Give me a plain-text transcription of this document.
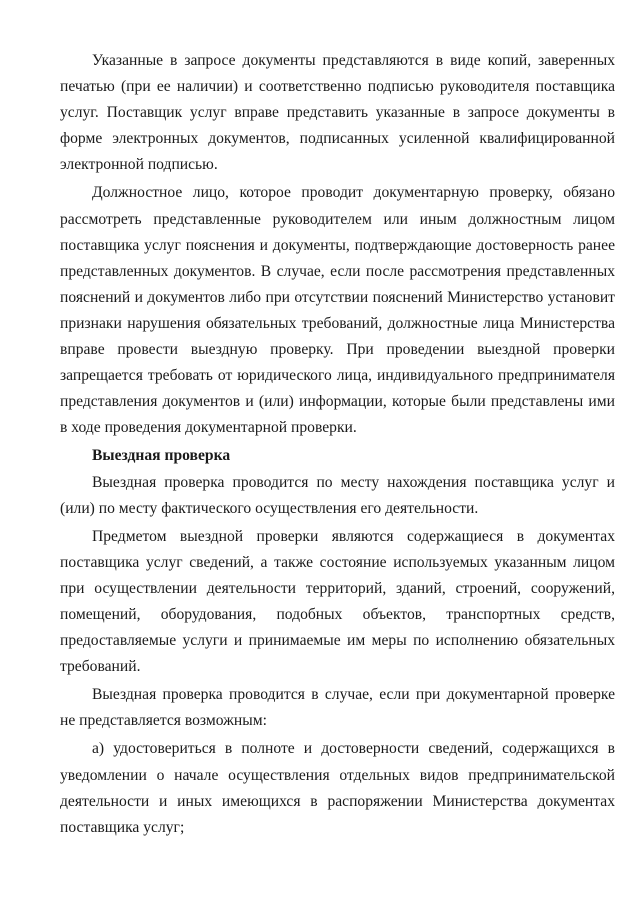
Указанные в запросе документы представляются в виде копий, заверенных печатью (при ее наличии) и соответственно подписью руководителя поставщика услуг. Поставщик услуг вправе представить указанные в запросе документы в форме электронных документов, подписанных усиленной квалифицированной электронной подписью.

Должностное лицо, которое проводит документарную проверку, обязано рассмотреть представленные руководителем или иным должностным лицом поставщика услуг пояснения и документы, подтверждающие достоверность ранее представленных документов. В случае, если после рассмотрения представленных пояснений и документов либо при отсутствии пояснений Министерство установит признаки нарушения обязательных требований, должностные лица Министерства вправе провести выездную проверку. При проведении выездной проверки запрещается требовать от юридического лица, индивидуального предпринимателя представления документов и (или) информации, которые были представлены ими в ходе проведения документарной проверки.

Выездная проверка

Выездная проверка проводится по месту нахождения поставщика услуг и (или) по месту фактического осуществления его деятельности.

Предметом выездной проверки являются содержащиеся в документах поставщика услуг сведений, а также состояние используемых указанным лицом при осуществлении деятельности территорий, зданий, строений, сооружений, помещений, оборудования, подобных объектов, транспортных средств, предоставляемые услуги и принимаемые им меры по исполнению обязательных требований.

Выездная проверка проводится в случае, если при документарной проверке не представляется возможным:

а) удостовериться в полноте и достоверности сведений, содержащихся в уведомлении о начале осуществления отдельных видов предпринимательской деятельности и иных имеющихся в распоряжении Министерства документах поставщика услуг;
